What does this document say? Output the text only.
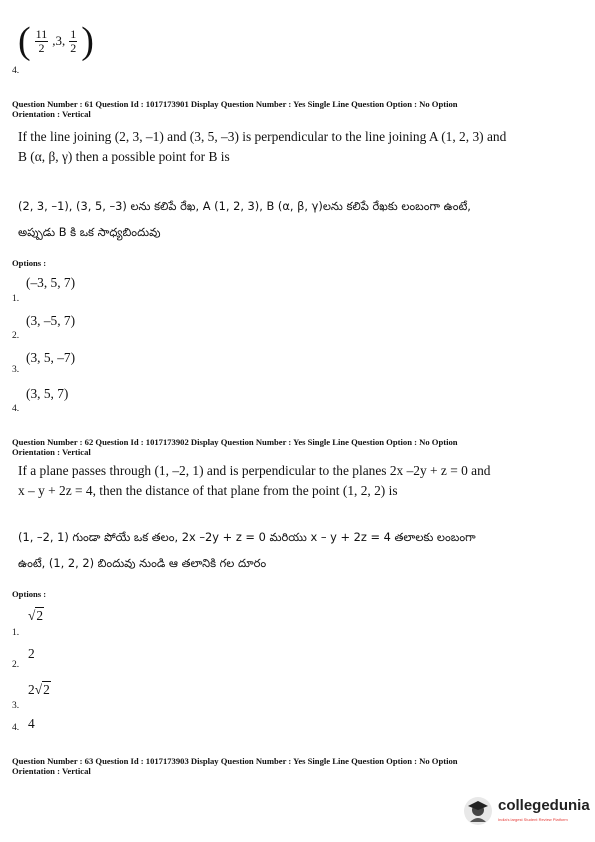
( $\frac{11}{2} ,3$, $\frac{1}{2}$ )
4.
Question Number : 61 Question Id : 1017173901 Display Question Number : Yes Single Line Question Option : No Option
Orientation : Vertical
If the line joining (2, 3, –1) and (3, 5, –3) is perpendicular to the line joining A (1, 2, 3) and
B (α, β, γ) then a possible point for B is
(2, 3, –1), (3, 5, –3) లను కలిపే రేఖ, A (1, 2, 3), B (α, β, γ)లను కలిపే రేఖకు లంబంగా ఉంటే,
అప్పుడు B కి ఒక సాధ్యబిందువు
Options :
(–3, 5, 7)
1.
(3, –5, 7)
2.
(3, 5, –7)
3.
(3, 5, 7)
4.
Question Number : 62 Question Id : 1017173902 Display Question Number : Yes Single Line Question Option : No Option
Orientation : Vertical
If a plane passes through (1, –2, 1) and is perpendicular to the planes 2x –2y + z = 0 and
x – y + 2z = 4, then the distance of that plane from the point (1, 2, 2) is
(1, –2, 1) గుండా పోయే ఒక తలం, 2x –2y + z = 0 మరియు x – y + 2z = 4 తలాలకు లంబంగా
ఉంటే, (1, 2, 2) బిందువు నుండి ఆ తలానికి గల దూరం
Options :
√2
1.
2
2.
2√2
3.
4. 4
Question Number : 63 Question Id : 1017173903 Display Question Number : Yes Single Line Question Option : No Option
Orientation : Vertical
collegedunia
India's largest Student Review Platform
